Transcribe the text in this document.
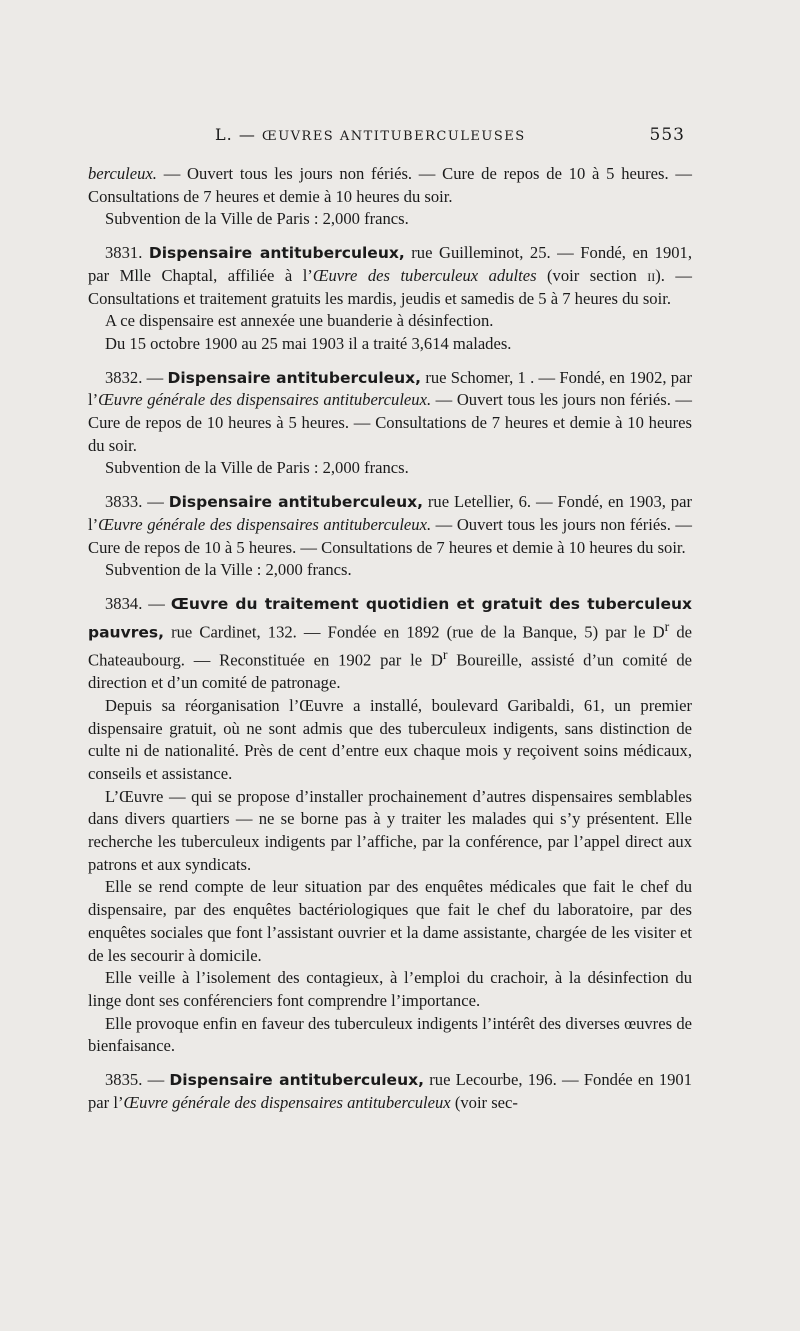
L. — ŒUVRES ANTITUBERCULEUSES	553

berculeux. — Ouvert tous les jours non fériés. — Cure de repos de 10 à 5 heures. — Consultations de 7 heures et demie à 10 heures du soir.

Subvention de la Ville de Paris : 2,000 francs.

3831. Dispensaire antituberculeux, rue Guilleminot, 25. — Fondé, en 1901, par Mlle Chaptal, affiliée à l’Œuvre des tuberculeux adultes (voir section ii). — Consultations et traitement gratuits les mardis, jeudis et samedis de 5 à 7 heures du soir.

A ce dispensaire est annexée une buanderie à désinfection.

Du 15 octobre 1900 au 25 mai 1903 il a traité 3,614 malades.

3832. — Dispensaire antituberculeux, rue Schomer, 1 . — Fondé, en 1902, par l’Œuvre générale des dispensaires antituberculeux. — Ouvert tous les jours non fériés. — Cure de repos de 10 heures à 5 heures. — Consultations de 7 heures et demie à 10 heures du soir.

Subvention de la Ville de Paris : 2,000 francs.

3833. — Dispensaire antituberculeux, rue Letellier, 6. — Fondé, en 1903, par l’Œuvre générale des dispensaires antituberculeux. — Ouvert tous les jours non fériés. — Cure de repos de 10 à 5 heures. — Consultations de 7 heures et demie à 10 heures du soir.

Subvention de la Ville : 2,000 francs.

3834. — Œuvre du traitement quotidien et gratuit des tuberculeux pauvres, rue Cardinet, 132. — Fondée en 1892 (rue de la Banque, 5) par le $D^r$ de Chateaubourg. — Reconstituée en 1902 par le $D^r$ Boureille, assisté d’un comité de direction et d’un comité de patronage.

Depuis sa réorganisation l’Œuvre a installé, boulevard Garibaldi, 61, un premier dispensaire gratuit, où ne sont admis que des tuberculeux indigents, sans distinction de culte ni de nationalité. Près de cent d’entre eux chaque mois y reçoivent soins médicaux, conseils et assistance.

L’Œuvre — qui se propose d’installer prochainement d’autres dispensaires semblables dans divers quartiers — ne se borne pas à y traiter les malades qui s’y présentent. Elle recherche les tuberculeux indigents par l’affiche, par la conférence, par l’appel direct aux patrons et aux syndicats.

Elle se rend compte de leur situation par des enquêtes médicales que fait le chef du dispensaire, par des enquêtes bactériologiques que fait le chef du laboratoire, par des enquêtes sociales que font l’assistant ouvrier et la dame assistante, chargée de les visiter et de les secourir à domicile.

Elle veille à l’isolement des contagieux, à l’emploi du crachoir, à la désinfection du linge dont ses conférenciers font comprendre l’importance.

Elle provoque enfin en faveur des tuberculeux indigents l’intérêt des diverses œuvres de bienfaisance.

3835. — Dispensaire antituberculeux, rue Lecourbe, 196. — Fondée en 1901 par l’Œuvre générale des dispensaires antituberculeux (voir sec-
